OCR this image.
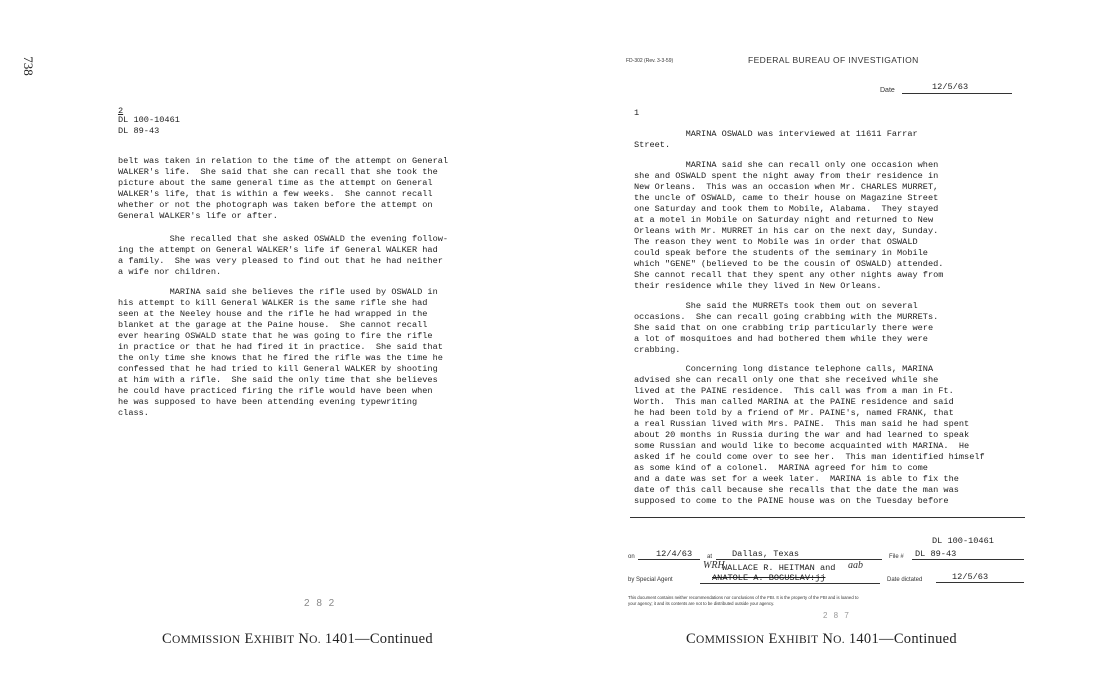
738
2
DL 100-10461
DL 89-43
belt was taken in relation to the time of the attempt on General
WALKER's life.  She said that she can recall that she took the
picture about the same general time as the attempt on General
WALKER's life, that is within a few weeks.  She cannot recall
whether or not the photograph was taken before the attempt on
General WALKER's life or after.
She recalled that she asked OSWALD the evening follow-
ing the attempt on General WALKER's life if General WALKER had
a family.  She was very pleased to find out that he had neither
a wife nor children.
MARINA said she believes the rifle used by OSWALD in
his attempt to kill General WALKER is the same rifle she had
seen at the Neeley house and the rifle he had wrapped in the
blanket at the garage at the Paine house.  She cannot recall
ever hearing OSWALD state that he was going to fire the rifle
in practice or that he had fired it in practice.  She said that
the only time she knows that he fired the rifle was the time he
confessed that he had tried to kill General WALKER by shooting
at him with a rifle.  She said the only time that she believes
he could have practiced firing the rifle would have been when
he was supposed to have been attending evening typewriting
class.
2 8 2
COMMISSION EXHIBIT NO. 1401—Continued
FD-302 (Rev. 3-3-59)	FEDERAL BUREAU OF INVESTIGATION
Date	12/5/63
1
MARINA OSWALD was interviewed at 11611 Farrar
Street.
MARINA said she can recall only one occasion when
she and OSWALD spent the night away from their residence in
New Orleans.  This was an occasion when Mr. CHARLES MURRET,
the uncle of OSWALD, came to their house on Magazine Street
one Saturday and took them to Mobile, Alabama.  They stayed
at a motel in Mobile on Saturday night and returned to New
Orleans with Mr. MURRET in his car on the next day, Sunday.
The reason they went to Mobile was in order that OSWALD
could speak before the students of the seminary in Mobile
which "GENE" (believed to be the cousin of OSWALD) attended.
She cannot recall that they spent any other nights away from
their residence while they lived in New Orleans.
She said the MURRETs took them out on several
occasions.  She can recall going crabbing with the MURRETs.
She said that on one crabbing trip particularly there were
a lot of mosquitoes and had bothered them while they were
crabbing.
Concerning long distance telephone calls, MARINA
advised she can recall only one that she received while she
lived at the PAINE residence.  This call was from a man in Ft.
Worth.  This man called MARINA at the PAINE residence and said
he had been told by a friend of Mr. PAINE's, named FRANK, that
a real Russian lived with Mrs. PAINE.  This man said he had spent
about 20 months in Russia during the war and had learned to speak
some Russian and would like to become acquainted with MARINA.  He
asked if he could come over to see her.  This man identified himself
as some kind of a colonel.  MARINA agreed for him to come
and a date was set for a week later.  MARINA is able to fix the
date of this call because she recalls that the date the man was
supposed to come to the PAINE house was on the Tuesday before
DL 100-10461
on 12/4/63 at Dallas, Texas	File # DL 89-43
WRH
WALLACE R. HEITMAN and aab
by Special Agent	ANATOLE A. BOGUSLAV:jj	Date dictated	12/5/63
This document contains neither recommendations nor conclusions of the FBI. It is the property of the FBI and is loaned to
your agency; it and its contents are not to be distributed outside your agency.
2 8 7
COMMISSION EXHIBIT NO. 1401—Continued
